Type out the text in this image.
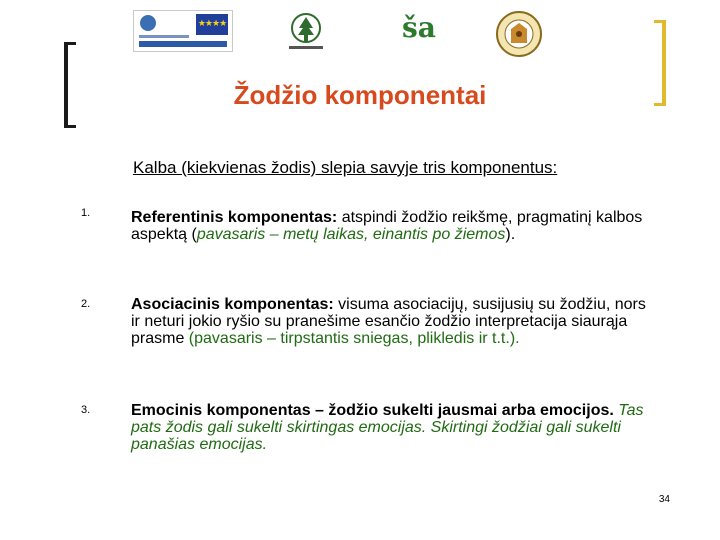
★★★★	ša
Žodžio komponentai
Kalba (kiekvienas žodis) slepia savyje tris komponentus:
1.	Referentinis komponentas: atspindi žodžio reikšmę, pragmatinį kalbos aspektą (pavasaris – metų laikas, einantis po žiemos).
2.	Asociacinis komponentas: visuma asociacijų, susijusių su žodžiu, nors ir neturi jokio ryšio su pranešime esančio žodžio interpretacija siaurąja prasme (pavasaris – tirpstantis sniegas, plikledis ir t.t.).
3.	Emocinis komponentas – žodžio sukelti jausmai arba emocijos. Tas pats žodis gali sukelti skirtingas emocijas. Skirtingi žodžiai gali sukelti panašias emocijas.
34
